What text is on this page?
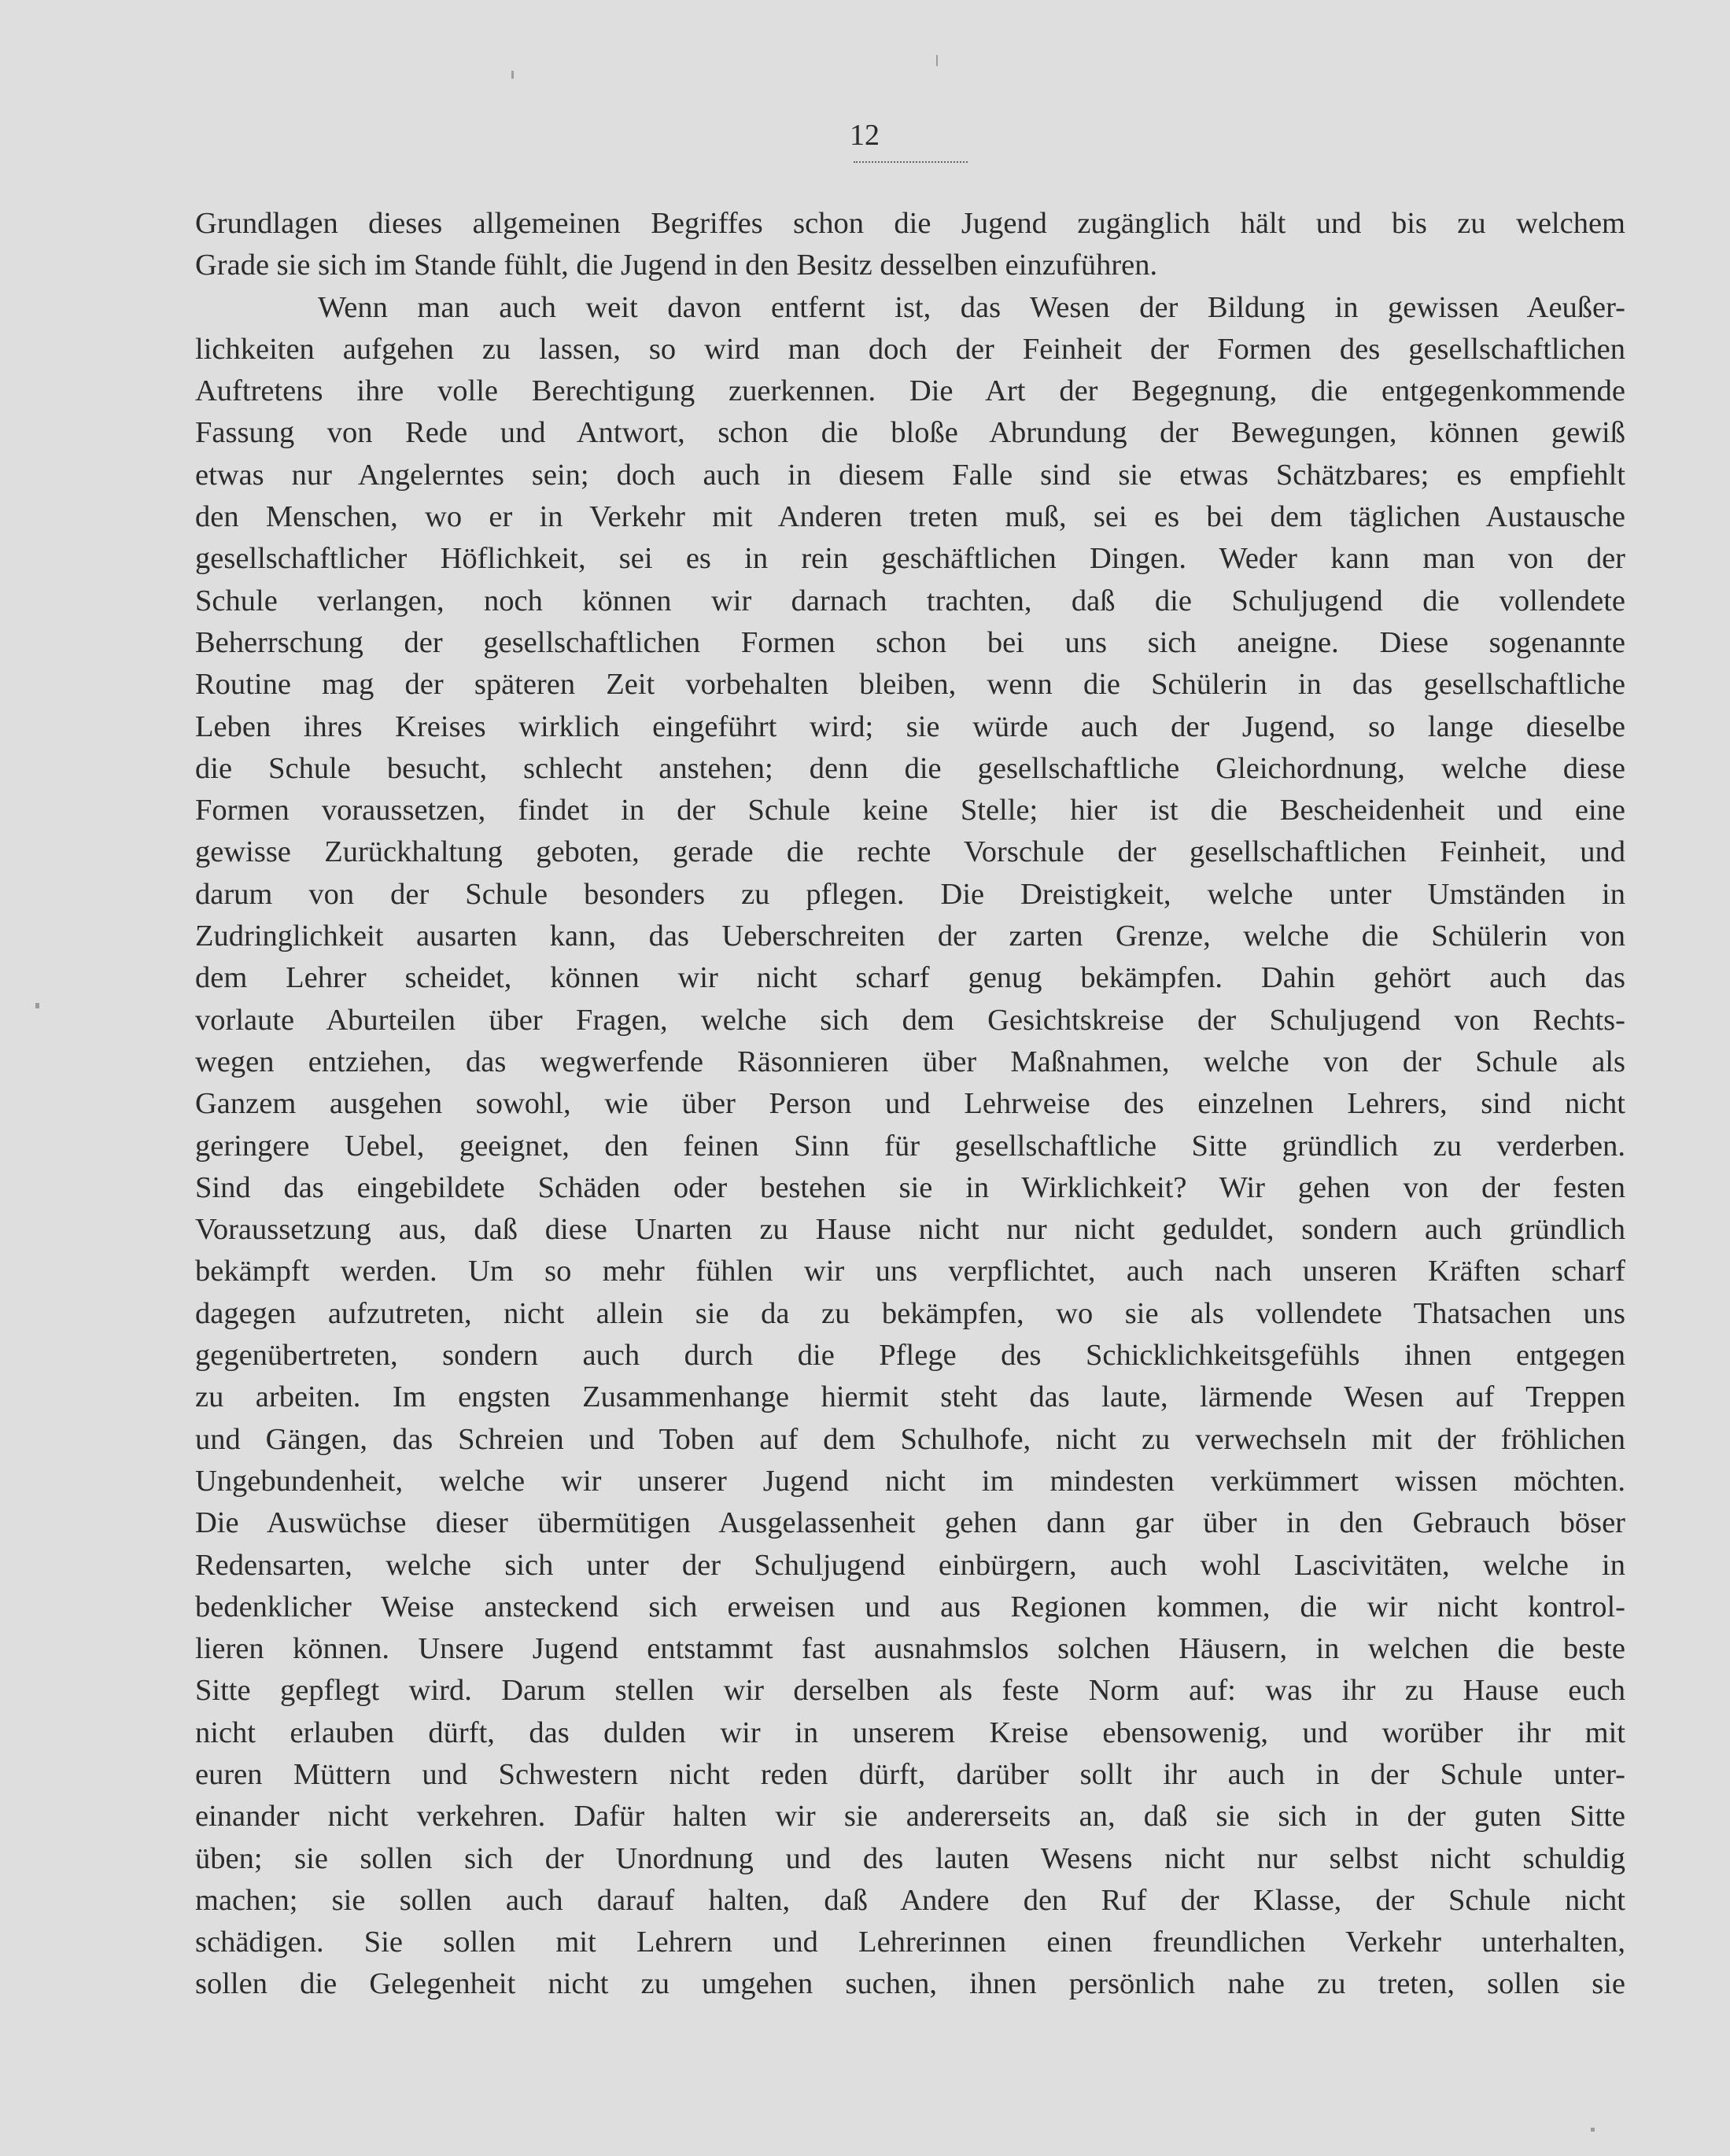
12
Grundlagen dieses allgemeinen Begriffes schon die Jugend zugänglich hält und bis zu welchem
Grade sie sich im Stande fühlt, die Jugend in den Besitz desselben einzuführen.
Wenn man auch weit davon entfernt ist, das Wesen der Bildung in gewissen Aeußer-
lichkeiten aufgehen zu lassen, so wird man doch der Feinheit der Formen des gesellschaftlichen
Auftretens ihre volle Berechtigung zuerkennen. Die Art der Begegnung, die entgegenkommende
Fassung von Rede und Antwort, schon die bloße Abrundung der Bewegungen, können gewiß
etwas nur Angelerntes sein; doch auch in diesem Falle sind sie etwas Schätzbares; es empfiehlt
den Menschen, wo er in Verkehr mit Anderen treten muß, sei es bei dem täglichen Austausche
gesellschaftlicher Höflichkeit, sei es in rein geschäftlichen Dingen. Weder kann man von der
Schule verlangen, noch können wir darnach trachten, daß die Schuljugend die vollendete
Beherrschung der gesellschaftlichen Formen schon bei uns sich aneigne. Diese sogenannte
Routine mag der späteren Zeit vorbehalten bleiben, wenn die Schülerin in das gesellschaftliche
Leben ihres Kreises wirklich eingeführt wird; sie würde auch der Jugend, so lange dieselbe
die Schule besucht, schlecht anstehen; denn die gesellschaftliche Gleichordnung, welche diese
Formen voraussetzen, findet in der Schule keine Stelle; hier ist die Bescheidenheit und eine
gewisse Zurückhaltung geboten, gerade die rechte Vorschule der gesellschaftlichen Feinheit, und
darum von der Schule besonders zu pflegen. Die Dreistigkeit, welche unter Umständen in
Zudringlichkeit ausarten kann, das Ueberschreiten der zarten Grenze, welche die Schülerin von
dem Lehrer scheidet, können wir nicht scharf genug bekämpfen. Dahin gehört auch das
vorlaute Aburteilen über Fragen, welche sich dem Gesichtskreise der Schuljugend von Rechts-
wegen entziehen, das wegwerfende Räsonnieren über Maßnahmen, welche von der Schule als
Ganzem ausgehen sowohl, wie über Person und Lehrweise des einzelnen Lehrers, sind nicht
geringere Uebel, geeignet, den feinen Sinn für gesellschaftliche Sitte gründlich zu verderben.
Sind das eingebildete Schäden oder bestehen sie in Wirklichkeit? Wir gehen von der festen
Voraussetzung aus, daß diese Unarten zu Hause nicht nur nicht geduldet, sondern auch gründlich
bekämpft werden. Um so mehr fühlen wir uns verpflichtet, auch nach unseren Kräften scharf
dagegen aufzutreten, nicht allein sie da zu bekämpfen, wo sie als vollendete Thatsachen uns
gegenübertreten, sondern auch durch die Pflege des Schicklichkeitsgefühls ihnen entgegen
zu arbeiten. Im engsten Zusammenhange hiermit steht das laute, lärmende Wesen auf Treppen
und Gängen, das Schreien und Toben auf dem Schulhofe, nicht zu verwechseln mit der fröhlichen
Ungebundenheit, welche wir unserer Jugend nicht im mindesten verkümmert wissen möchten.
Die Auswüchse dieser übermütigen Ausgelassenheit gehen dann gar über in den Gebrauch böser
Redensarten, welche sich unter der Schuljugend einbürgern, auch wohl Lascivitäten, welche in
bedenklicher Weise ansteckend sich erweisen und aus Regionen kommen, die wir nicht kontrol-
lieren können. Unsere Jugend entstammt fast ausnahmslos solchen Häusern, in welchen die beste
Sitte gepflegt wird. Darum stellen wir derselben als feste Norm auf: was ihr zu Hause euch
nicht erlauben dürft, das dulden wir in unserem Kreise ebensowenig, und worüber ihr mit
euren Müttern und Schwestern nicht reden dürft, darüber sollt ihr auch in der Schule unter-
einander nicht verkehren. Dafür halten wir sie andererseits an, daß sie sich in der guten Sitte
üben; sie sollen sich der Unordnung und des lauten Wesens nicht nur selbst nicht schuldig
machen; sie sollen auch darauf halten, daß Andere den Ruf der Klasse, der Schule nicht
schädigen. Sie sollen mit Lehrern und Lehrerinnen einen freundlichen Verkehr unterhalten,
sollen die Gelegenheit nicht zu umgehen suchen, ihnen persönlich nahe zu treten, sollen sie
